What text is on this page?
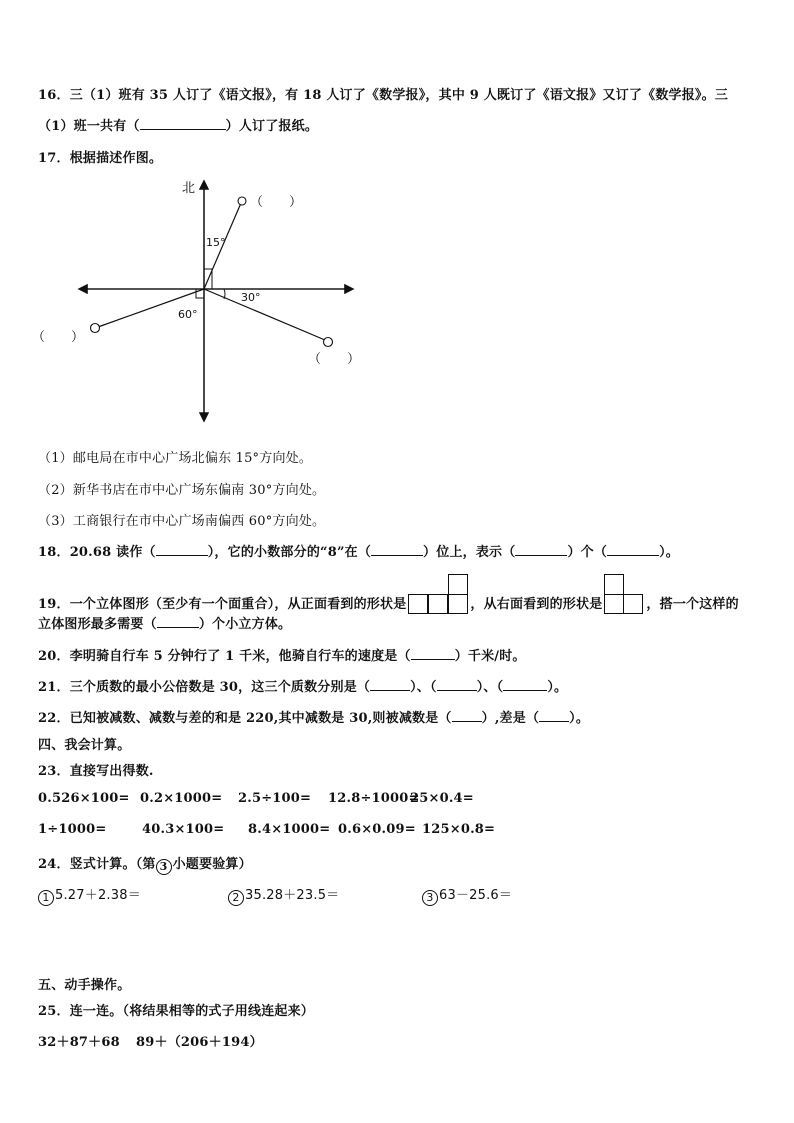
16．三（1）班有 35 人订了《语文报》，有 18 人订了《数学报》，其中 9 人既订了《语文报》又订了《数学报》。三
（1）班一共有（	）人订了报纸。
17．根据描述作图。
北
15°
30°
60°
（　　）
（　　）
（　　）
（1）邮电局在市中心广场北偏东 15°方向处。
（2）新华书店在市中心广场东偏南 30°方向处。
（3）工商银行在市中心广场南偏西 60°方向处。
18．20.68 读作（	），它的小数部分的“8”在（	）位上，表示（	）个（	）。
19．一个立体图形（至少有一个面重合），从正面看到的形状是	，从右面看到的形状是	，搭一个这样的
立体图形最多需要（	）个小立方体。
20．李明骑自行车 5 分钟行了 1 千米，他骑自行车的速度是（	）千米/时。
21．三个质数的最小公倍数是 30，这三个质数分别是（	）、（	）、（	）。
22．已知被减数、减数与差的和是 220,其中减数是 30,则被减数是（ ）,差是（ ）。
四、我会计算。
23．直接写出得数.
0.526×100= 0.2×1000= 2.5÷100= 12.8÷1000=25×0.4=
1÷1000=	40.3×100= 8.4×1000= 0.6×0.09= 125×0.8=
24．竖式计算。（第 3 小题要验算）
1 5.27＋2.38＝	2 35.28＋23.5＝	3 63－25.6＝
五、动手操作。
25．连一连。（将结果相等的式子用线连起来）
32＋87＋68 89＋（206＋194）
